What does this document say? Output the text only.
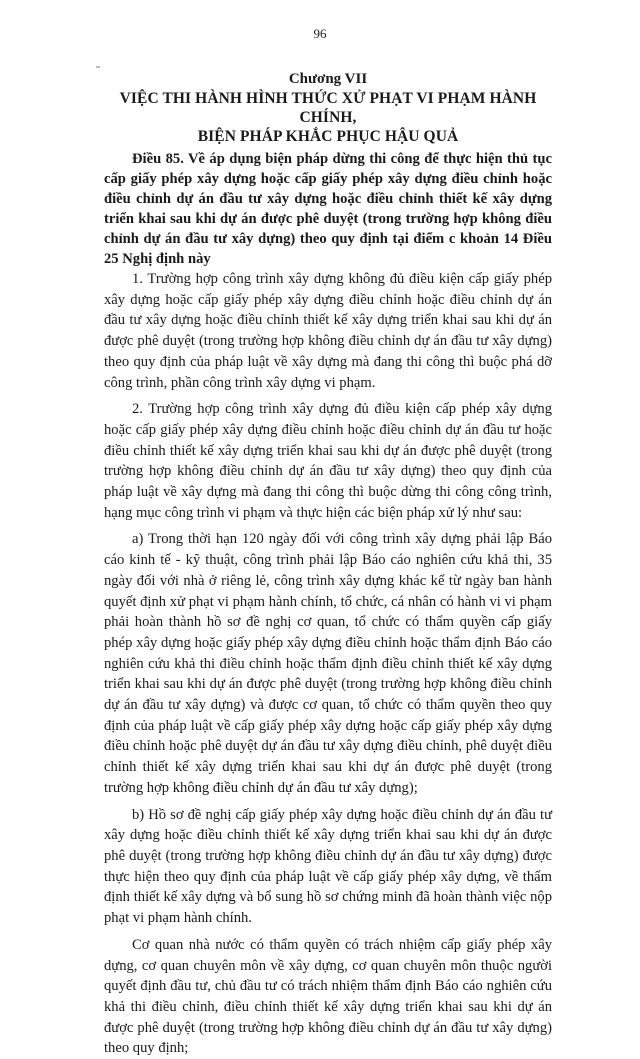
96

Chương VII

VIỆC THI HÀNH HÌNH THỨC XỬ PHẠT VI PHẠM HÀNH CHÍNH,

BIỆN PHÁP KHẮC PHỤC HẬU QUẢ

Điều 85. Về áp dụng biện pháp dừng thi công để thực hiện thủ tục cấp giấy phép xây dựng hoặc cấp giấy phép xây dựng điều chỉnh hoặc điều chỉnh dự án đầu tư xây dựng hoặc điều chỉnh thiết kế xây dựng triển khai sau khi dự án được phê duyệt (trong trường hợp không điều chỉnh dự án đầu tư xây dựng) theo quy định tại điểm c khoản 14 Điều 25 Nghị định này

1. Trường hợp công trình xây dựng không đủ điều kiện cấp giấy phép xây dựng hoặc cấp giấy phép xây dựng điều chỉnh hoặc điều chỉnh dự án đầu tư xây dựng hoặc điều chỉnh thiết kế xây dựng triển khai sau khi dự án được phê duyệt (trong trường hợp không điều chỉnh dự án đầu tư xây dựng) theo quy định của pháp luật về xây dựng mà đang thi công thì buộc phá dỡ công trình, phần công trình xây dựng vi phạm.

2. Trường hợp công trình xây dựng đủ điều kiện cấp phép xây dựng hoặc cấp giấy phép xây dựng điều chỉnh hoặc điều chỉnh dự án đầu tư hoặc điều chỉnh thiết kế xây dựng triển khai sau khi dự án được phê duyệt (trong trường hợp không điều chỉnh dự án đầu tư xây dựng) theo quy định của pháp luật về xây dựng mà đang thi công thì buộc dừng thi công công trình, hạng mục công trình vi phạm và thực hiện các biện pháp xử lý như sau:

a) Trong thời hạn 120 ngày đối với công trình xây dựng phải lập Báo cáo kinh tế - kỹ thuật, công trình phải lập Báo cáo nghiên cứu khả thi, 35 ngày đối với nhà ở riêng lẻ, công trình xây dựng khác kể từ ngày ban hành quyết định xử phạt vi phạm hành chính, tổ chức, cá nhân có hành vi vi phạm phải hoàn thành hồ sơ đề nghị cơ quan, tổ chức có thẩm quyền cấp giấy phép xây dựng hoặc giấy phép xây dựng điều chỉnh hoặc thẩm định Báo cáo nghiên cứu khả thi điều chỉnh hoặc thẩm định điều chỉnh thiết kế xây dựng triển khai sau khi dự án được phê duyệt (trong trường hợp không điều chỉnh dự án đầu tư xây dựng) và được cơ quan, tổ chức có thẩm quyền theo quy định của pháp luật về cấp giấy phép xây dựng hoặc cấp giấy phép xây dựng điều chỉnh hoặc phê duyệt dự án đầu tư xây dựng điều chỉnh, phê duyệt điều chỉnh thiết kế xây dựng triển khai sau khi dự án được phê duyệt (trong trường hợp không điều chỉnh dự án đầu tư xây dựng);

b) Hồ sơ đề nghị cấp giấy phép xây dựng hoặc điều chỉnh dự án đầu tư xây dựng hoặc điều chỉnh thiết kế xây dựng triển khai sau khi dự án được phê duyệt (trong trường hợp không điều chỉnh dự án đầu tư xây dựng) được thực hiện theo quy định của pháp luật về cấp giấy phép xây dựng, về thẩm định thiết kế xây dựng và bổ sung hồ sơ chứng minh đã hoàn thành việc nộp phạt vi phạm hành chính.

Cơ quan nhà nước có thẩm quyền có trách nhiệm cấp giấy phép xây dựng, cơ quan chuyên môn về xây dựng, cơ quan chuyên môn thuộc người quyết định đầu tư, chủ đầu tư có trách nhiệm thẩm định Báo cáo nghiên cứu khả thi điều chỉnh, điều chỉnh thiết kế xây dựng triển khai sau khi dự án được phê duyệt (trong trường hợp không điều chỉnh dự án đầu tư xây dựng) theo quy định;
